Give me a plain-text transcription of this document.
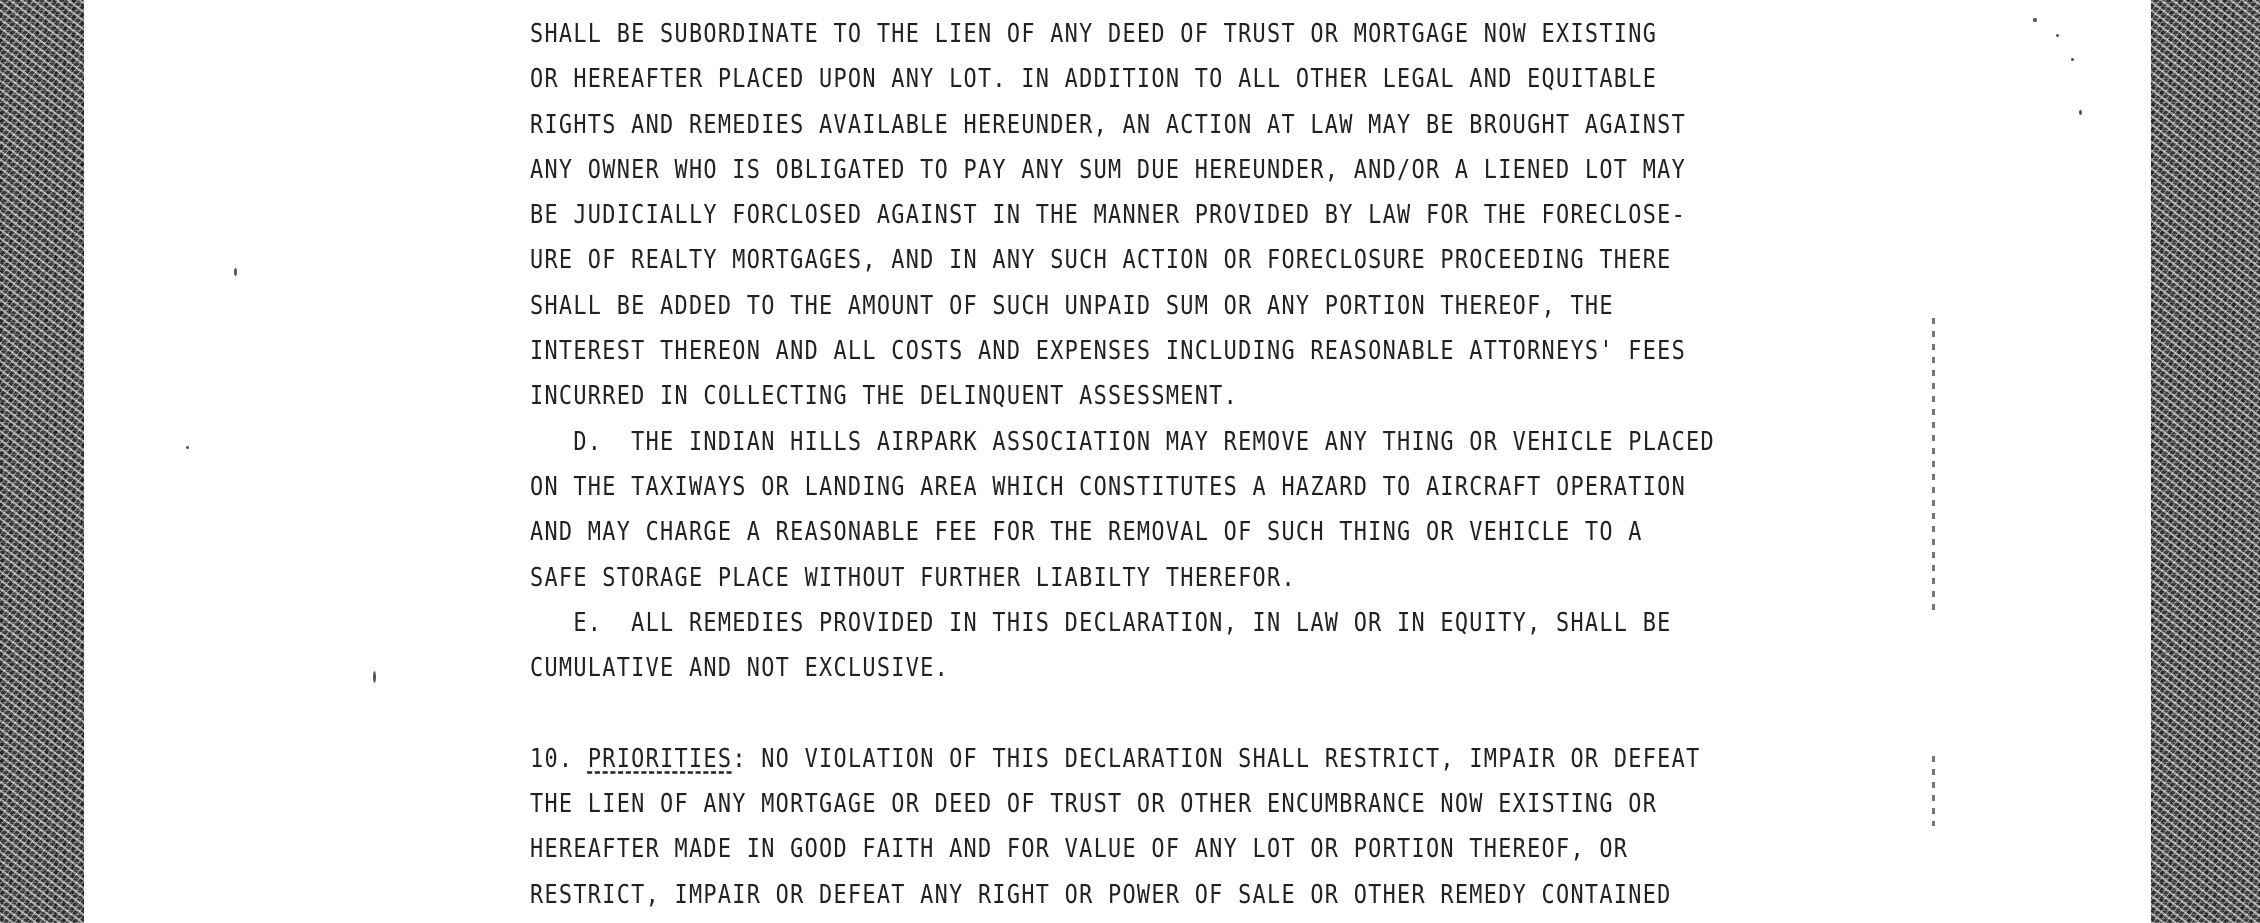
SHALL BE SUBORDINATE TO THE LIEN OF ANY DEED OF TRUST OR MORTGAGE NOW EXISTING
OR HEREAFTER PLACED UPON ANY LOT. IN ADDITION TO ALL OTHER LEGAL AND EQUITABLE
RIGHTS AND REMEDIES AVAILABLE HEREUNDER, AN ACTION AT LAW MAY BE BROUGHT AGAINST
ANY OWNER WHO IS OBLIGATED TO PAY ANY SUM DUE HEREUNDER, AND/OR A LIENED LOT MAY
BE JUDICIALLY FORCLOSED AGAINST IN THE MANNER PROVIDED BY LAW FOR THE FORECLOSE-
URE OF REALTY MORTGAGES, AND IN ANY SUCH ACTION OR FORECLOSURE PROCEEDING THERE
SHALL BE ADDED TO THE AMOUNT OF SUCH UNPAID SUM OR ANY PORTION THEREOF, THE
INTEREST THEREON AND ALL COSTS AND EXPENSES INCLUDING REASONABLE ATTORNEYS' FEES
INCURRED IN COLLECTING THE DELINQUENT ASSESSMENT.
D.  THE INDIAN HILLS AIRPARK ASSOCIATION MAY REMOVE ANY THING OR VEHICLE PLACED
ON THE TAXIWAYS OR LANDING AREA WHICH CONSTITUTES A HAZARD TO AIRCRAFT OPERATION
AND MAY CHARGE A REASONABLE FEE FOR THE REMOVAL OF SUCH THING OR VEHICLE TO A
SAFE STORAGE PLACE WITHOUT FURTHER LIABILTY THEREFOR.
E.  ALL REMEDIES PROVIDED IN THIS DECLARATION, IN LAW OR IN EQUITY, SHALL BE
CUMULATIVE AND NOT EXCLUSIVE.
10. PRIORITIES: NO VIOLATION OF THIS DECLARATION SHALL RESTRICT, IMPAIR OR DEFEAT
THE LIEN OF ANY MORTGAGE OR DEED OF TRUST OR OTHER ENCUMBRANCE NOW EXISTING OR
HEREAFTER MADE IN GOOD FAITH AND FOR VALUE OF ANY LOT OR PORTION THEREOF, OR
RESTRICT, IMPAIR OR DEFEAT ANY RIGHT OR POWER OF SALE OR OTHER REMEDY CONTAINED
